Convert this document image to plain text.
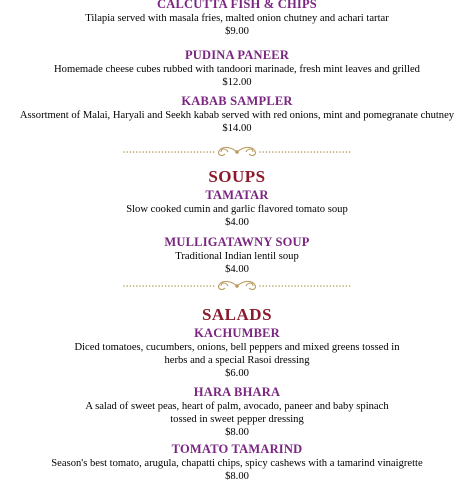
CALCUTTA FISH & CHIPS
Tilapia served with masala fries, malted onion chutney and achari tartar
$9.00
PUDINA PANEER
Homemade cheese cubes rubbed with tandoori marinade, fresh mint leaves and grilled
$12.00
KABAB SAMPLER
Assortment of Malai, Haryali and Seekh kabab served with red onions, mint and pomegranate chutney
$14.00
SOUPS
TAMATAR
Slow cooked cumin and garlic flavored tomato soup
$4.00
MULLIGATAWNY SOUP
Traditional Indian lentil soup
$4.00
SALADS
KACHUMBER
Diced tomatoes, cucumbers, onions, bell peppers and mixed greens tossed in
herbs and a special Rasoi dressing
$6.00
HARA BHARA
A salad of sweet peas, heart of palm, avocado, paneer and baby spinach
tossed in sweet pepper dressing
$8.00
TOMATO TAMARIND
Season's best tomato, arugula, chapatti chips, spicy cashews with a tamarind vinaigrette
$8.00
